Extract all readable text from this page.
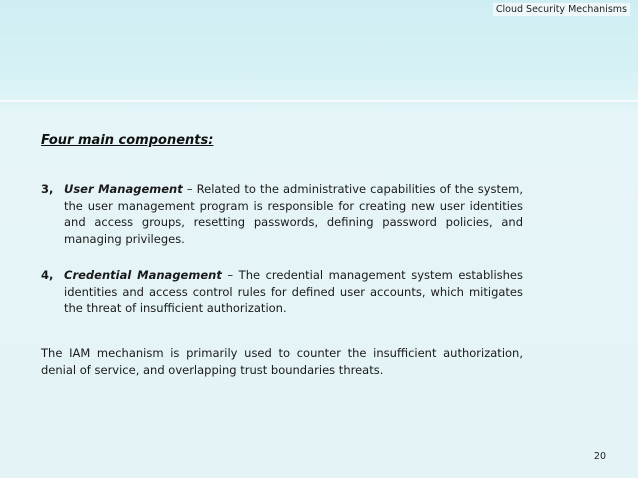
Cloud Security Mechanisms
Four main components:
3, User Management – Related to the administrative capabilities of the system, the user management program is responsible for creating new user identities and access groups, resetting passwords, defining password policies, and managing privileges.
4, Credential Management – The credential management system establishes identities and access control rules for defined user accounts, which mitigates the threat of insufficient authorization.
The IAM mechanism is primarily used to counter the insufficient authorization, denial of service, and overlapping trust boundaries threats.
20
